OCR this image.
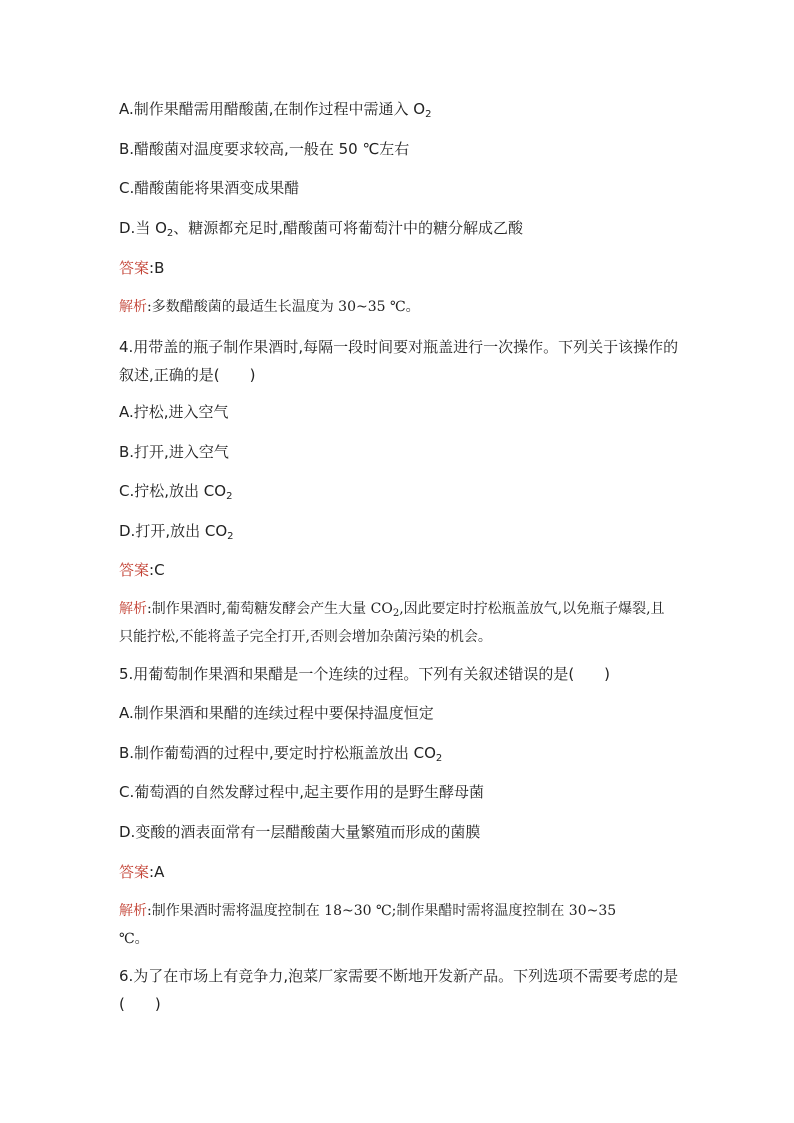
A.制作果醋需用醋酸菌,在制作过程中需通入 $O_2$
B.醋酸菌对温度要求较高,一般在 50 ℃左右
C.醋酸菌能将果酒变成果醋
D.当 $O_2$、糖源都充足时,醋酸菌可将葡萄汁中的糖分解成乙酸
答案:B
解析:多数醋酸菌的最适生长温度为 30~35 ℃。
4.用带盖的瓶子制作果酒时,每隔一段时间要对瓶盖进行一次操作。下列关于该操作的叙述,正确的是(　　)
A.拧松,进入空气
B.打开,进入空气
C.拧松,放出 $CO_2$
D.打开,放出 $CO_2$
答案:C
解析:制作果酒时,葡萄糖发酵会产生大量 $CO_2$,因此要定时拧松瓶盖放气,以免瓶子爆裂,且只能拧松,不能将盖子完全打开,否则会增加杂菌污染的机会。
5.用葡萄制作果酒和果醋是一个连续的过程。下列有关叙述错误的是(　　)
A.制作果酒和果醋的连续过程中要保持温度恒定
B.制作葡萄酒的过程中,要定时拧松瓶盖放出 $CO_2$
C.葡萄酒的自然发酵过程中,起主要作用的是野生酵母菌
D.变酸的酒表面常有一层醋酸菌大量繁殖而形成的菌膜
答案:A
解析:制作果酒时需将温度控制在 18~30 ℃;制作果醋时需将温度控制在 30~35 ℃。
6.为了在市场上有竞争力,泡菜厂家需要不断地开发新产品。下列选项不需要考虑的是(　　)
